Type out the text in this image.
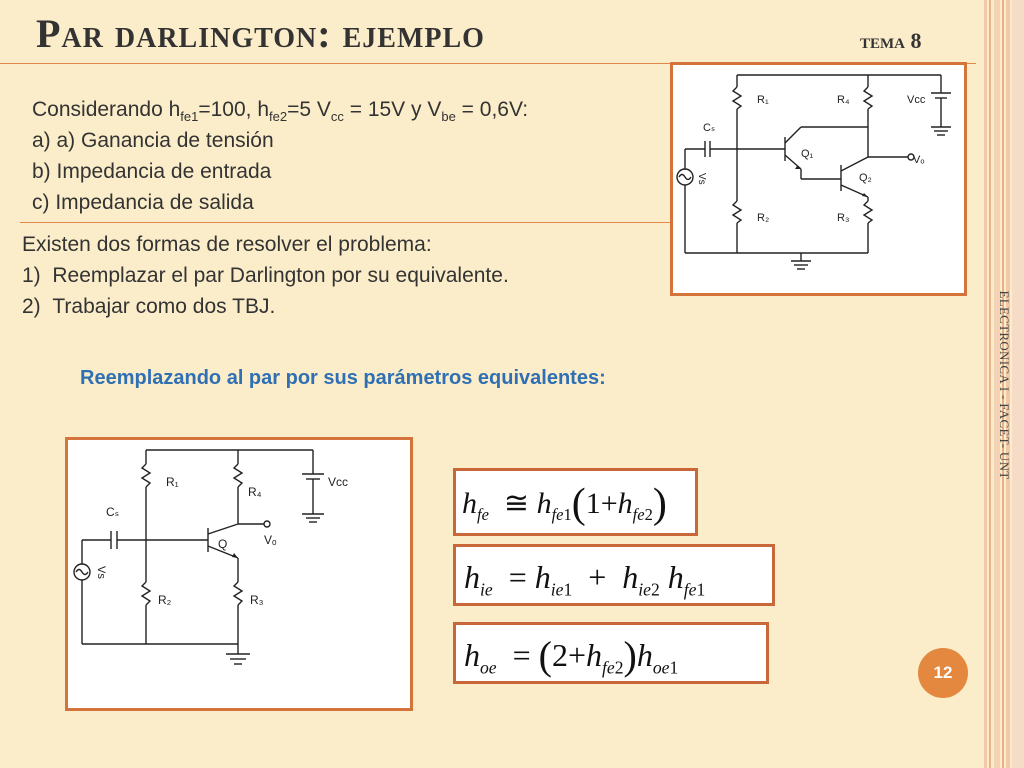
Par darlington: ejemplo	tema 8
Considerando $h_{fe1}=100$, $h_{fe2}=5$ $V_{cc} = 15V$ y $V_{be} = 0,6V$:
a) a) Ganancia de tensión
b) Impedancia de entrada
c) Impedancia de salida
Existen dos formas de resolver el problema:
1) Reemplazar el par Darlington por su equivalente.
2) Trabajar como dos TBJ.
Reemplazando al par por sus parámetros equivalentes:
R₁	R₄	Vᴄᴄ
Cₛ
Q₁	Vₒ
Q₂
R₂	R₃
Vs
R₁
R₄
Vᴄᴄ
Cₛ
Q	Vₒ
R₂	R₃
Vs
$h_{fe}$  ≅ $h_{fe1}(1+h_{fe2})$
$h_{ie} = h_{ie1} + h_{ie2}$ $h_{fe1}$
$h_{oe} = (2+h_{fe2})h_{oe1}$
ELECTRONICA I - FACET- UNT
12
